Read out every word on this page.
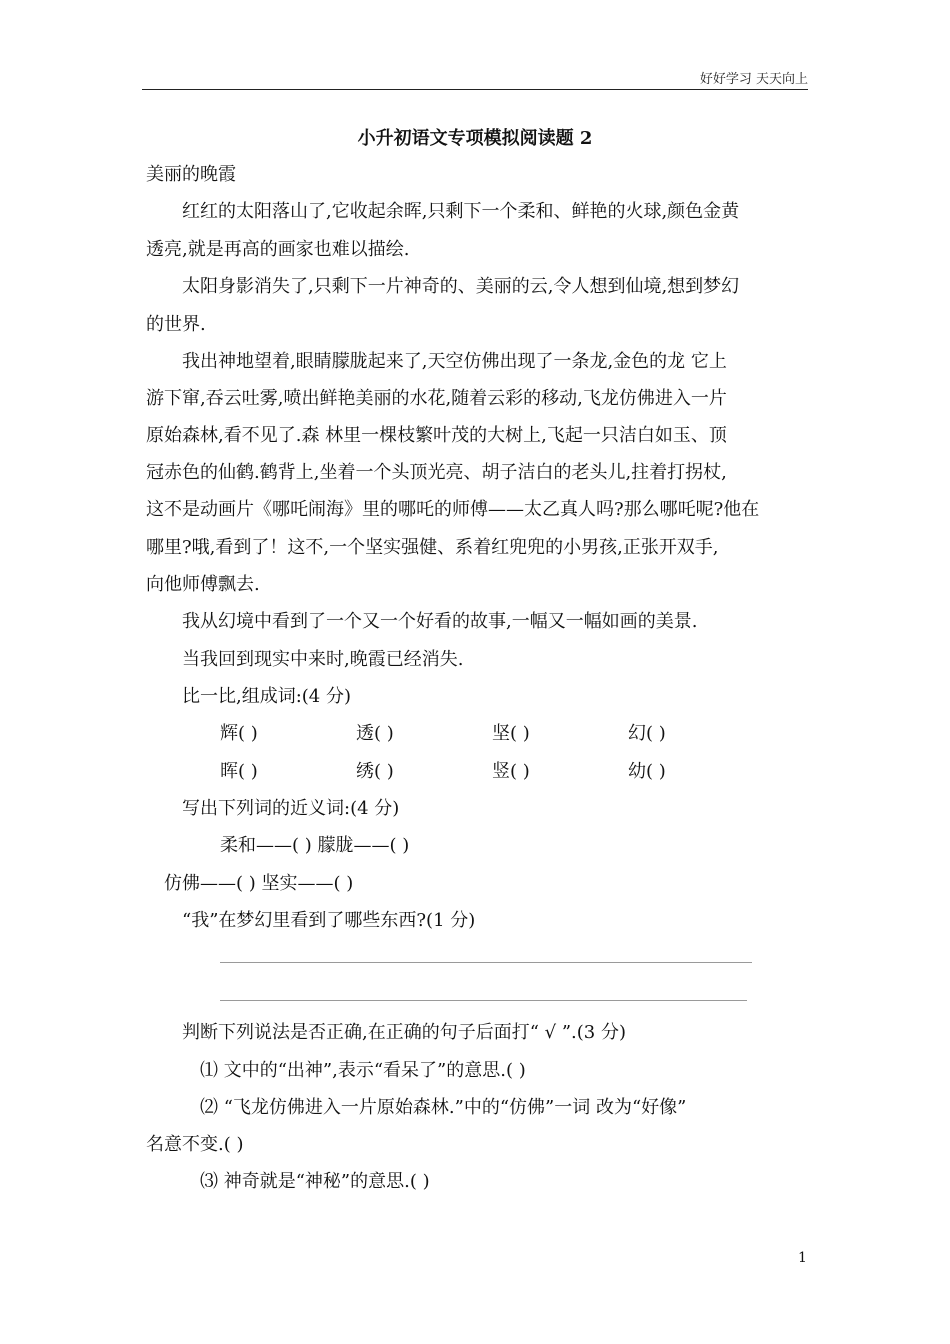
好好学习 天天向上
小升初语文专项模拟阅读题 2
美丽的晚霞
红红的太阳落山了,它收起余晖,只剩下一个柔和、鲜艳的火球,颜色金黄
透亮,就是再高的画家也难以描绘.
太阳身影消失了,只剩下一片神奇的、美丽的云,令人想到仙境,想到梦幻
的世界.
我出神地望着,眼睛朦胧起来了,天空仿佛出现了一条龙,金色的龙 它上
游下窜,吞云吐雾,喷出鲜艳美丽的水花,随着云彩的移动,飞龙仿佛进入一片
原始森林,看不见了.森 林里一棵枝繁叶茂的大树上,飞起一只洁白如玉、顶
冠赤色的仙鹤.鹤背上,坐着一个头顶光亮、胡子洁白的老头儿,拄着打拐杖,
这不是动画片《哪吒闹海》里的哪吒的师傅——太乙真人吗?那么哪吒呢?他在
哪里?哦,看到了！这不,一个坚实强健、系着红兜兜的小男孩,正张开双手,
向他师傅飘去.
我从幻境中看到了一个又一个好看的故事,一幅又一幅如画的美景.
当我回到现实中来时,晚霞已经消失.
比一比,组成词:(4 分)
辉( )	透( )	坚( )	幻( )
晖( )	绣( )	竖( )	幼( )
写出下列词的近义词:(4 分)
柔和——( ) 朦胧——( )
仿佛——( ) 坚实——( )
“我”在梦幻里看到了哪些东西?(1 分)
判断下列说法是否正确,在正确的句子后面打“ √ ”.(3 分)
⑴ 文中的“出神”,表示“看呆了”的意思.( )
⑵ “飞龙仿佛进入一片原始森林.”中的“仿佛”一词 改为“好像”
名意不变.( )
⑶ 神奇就是“神秘”的意思.( )
1
